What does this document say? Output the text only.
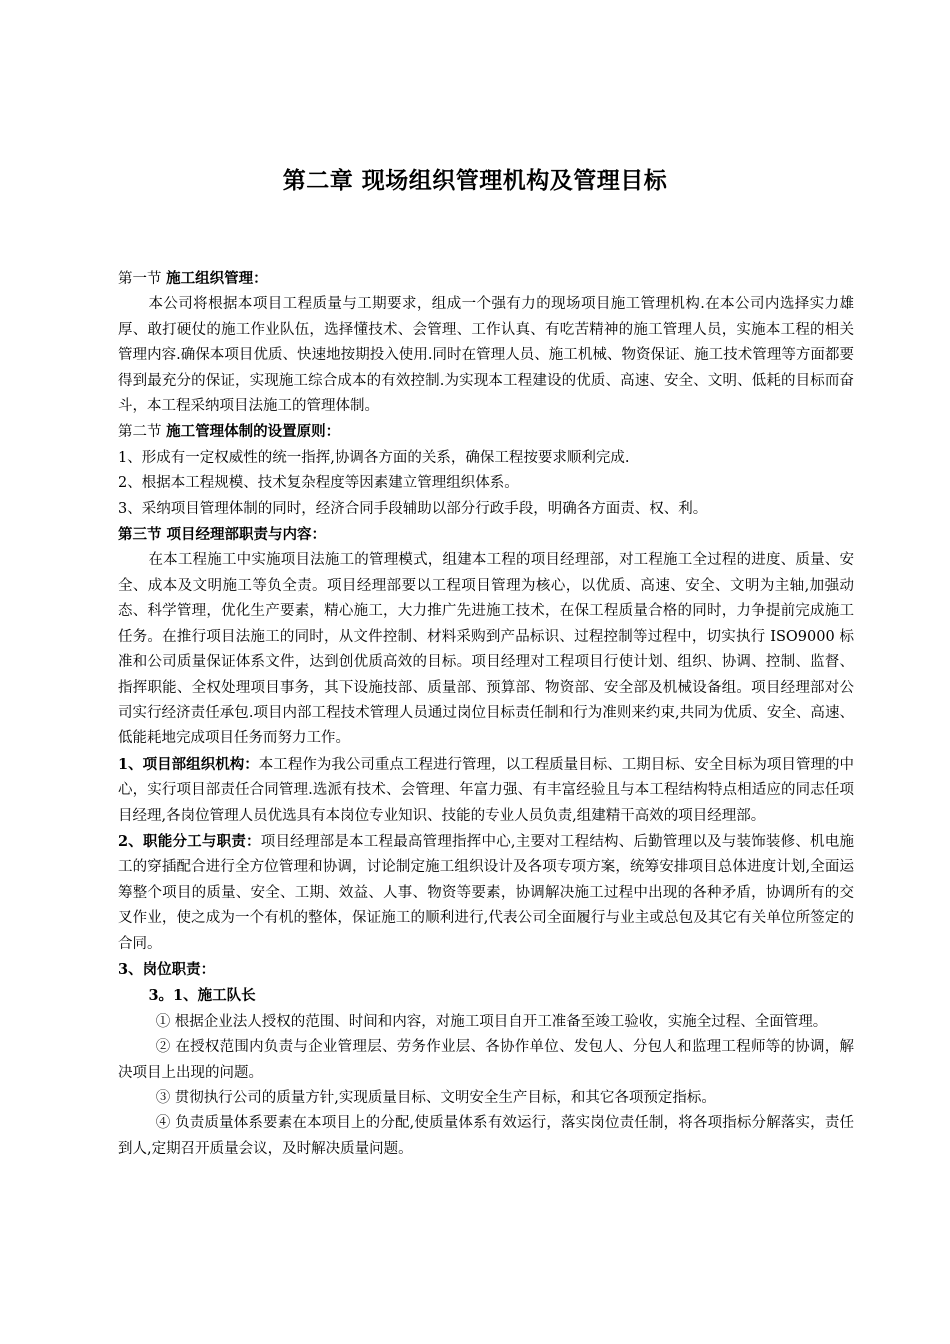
第二章 现场组织管理机构及管理目标

第一节 施工组织管理：

本公司将根据本项目工程质量与工期要求，组成一个强有力的现场项目施工管理机构.在本公司内选择实力雄厚、敢打硬仗的施工作业队伍，选择懂技术、会管理、工作认真、有吃苦精神的施工管理人员，实施本工程的相关管理内容.确保本项目优质、快速地按期投入使用.同时在管理人员、施工机械、物资保证、施工技术管理等方面都要得到最充分的保证，实现施工综合成本的有效控制.为实现本工程建设的优质、高速、安全、文明、低耗的目标而奋斗，本工程采纳项目法施工的管理体制。

第二节 施工管理体制的设置原则：

1、形成有一定权威性的统一指挥,协调各方面的关系，确保工程按要求顺利完成.

2、根据本工程规模、技术复杂程度等因素建立管理组织体系。

3、采纳项目管理体制的同时，经济合同手段辅助以部分行政手段，明确各方面责、权、利。

第三节 项目经理部职责与内容：

在本工程施工中实施项目法施工的管理模式，组建本工程的项目经理部，对工程施工全过程的进度、质量、安全、成本及文明施工等负全责。项目经理部要以工程项目管理为核心，以优质、高速、安全、文明为主轴,加强动态、科学管理，优化生产要素，精心施工，大力推广先进施工技术，在保工程质量合格的同时，力争提前完成施工任务。在推行项目法施工的同时，从文件控制、材料采购到产品标识、过程控制等过程中，切实执行 ISO9000 标准和公司质量保证体系文件，达到创优质高效的目标。项目经理对工程项目行使计划、组织、协调、控制、监督、指挥职能、全权处理项目事务，其下设施技部、质量部、预算部、物资部、安全部及机械设备组。项目经理部对公司实行经济责任承包.项目内部工程技术管理人员通过岗位目标责任制和行为准则来约束,共同为优质、安全、高速、低能耗地完成项目任务而努力工作。

1、项目部组织机构：本工程作为我公司重点工程进行管理，以工程质量目标、工期目标、安全目标为项目管理的中心，实行项目部责任合同管理.选派有技术、会管理、年富力强、有丰富经验且与本工程结构特点相适应的同志任项目经理,各岗位管理人员优选具有本岗位专业知识、技能的专业人员负责,组建精干高效的项目经理部。

2、职能分工与职责：项目经理部是本工程最高管理指挥中心,主要对工程结构、后勤管理以及与装饰装修、机电施工的穿插配合进行全方位管理和协调，讨论制定施工组织设计及各项专项方案，统筹安排项目总体进度计划,全面运筹整个项目的质量、安全、工期、效益、人事、物资等要素，协调解决施工过程中出现的各种矛盾，协调所有的交叉作业，使之成为一个有机的整体，保证施工的顺利进行,代表公司全面履行与业主或总包及其它有关单位所签定的合同。

3、岗位职责：

3。1、施工队长

① 根据企业法人授权的范围、时间和内容，对施工项目自开工准备至竣工验收，实施全过程、全面管理。

② 在授权范围内负责与企业管理层、劳务作业层、各协作单位、发包人、分包人和监理工程师等的协调，解决项目上出现的问题。

③ 贯彻执行公司的质量方针,实现质量目标、文明安全生产目标，和其它各项预定指标。

④ 负责质量体系要素在本项目上的分配,使质量体系有效运行，落实岗位责任制，将各项指标分解落实，责任到人,定期召开质量会议，及时解决质量问题。
